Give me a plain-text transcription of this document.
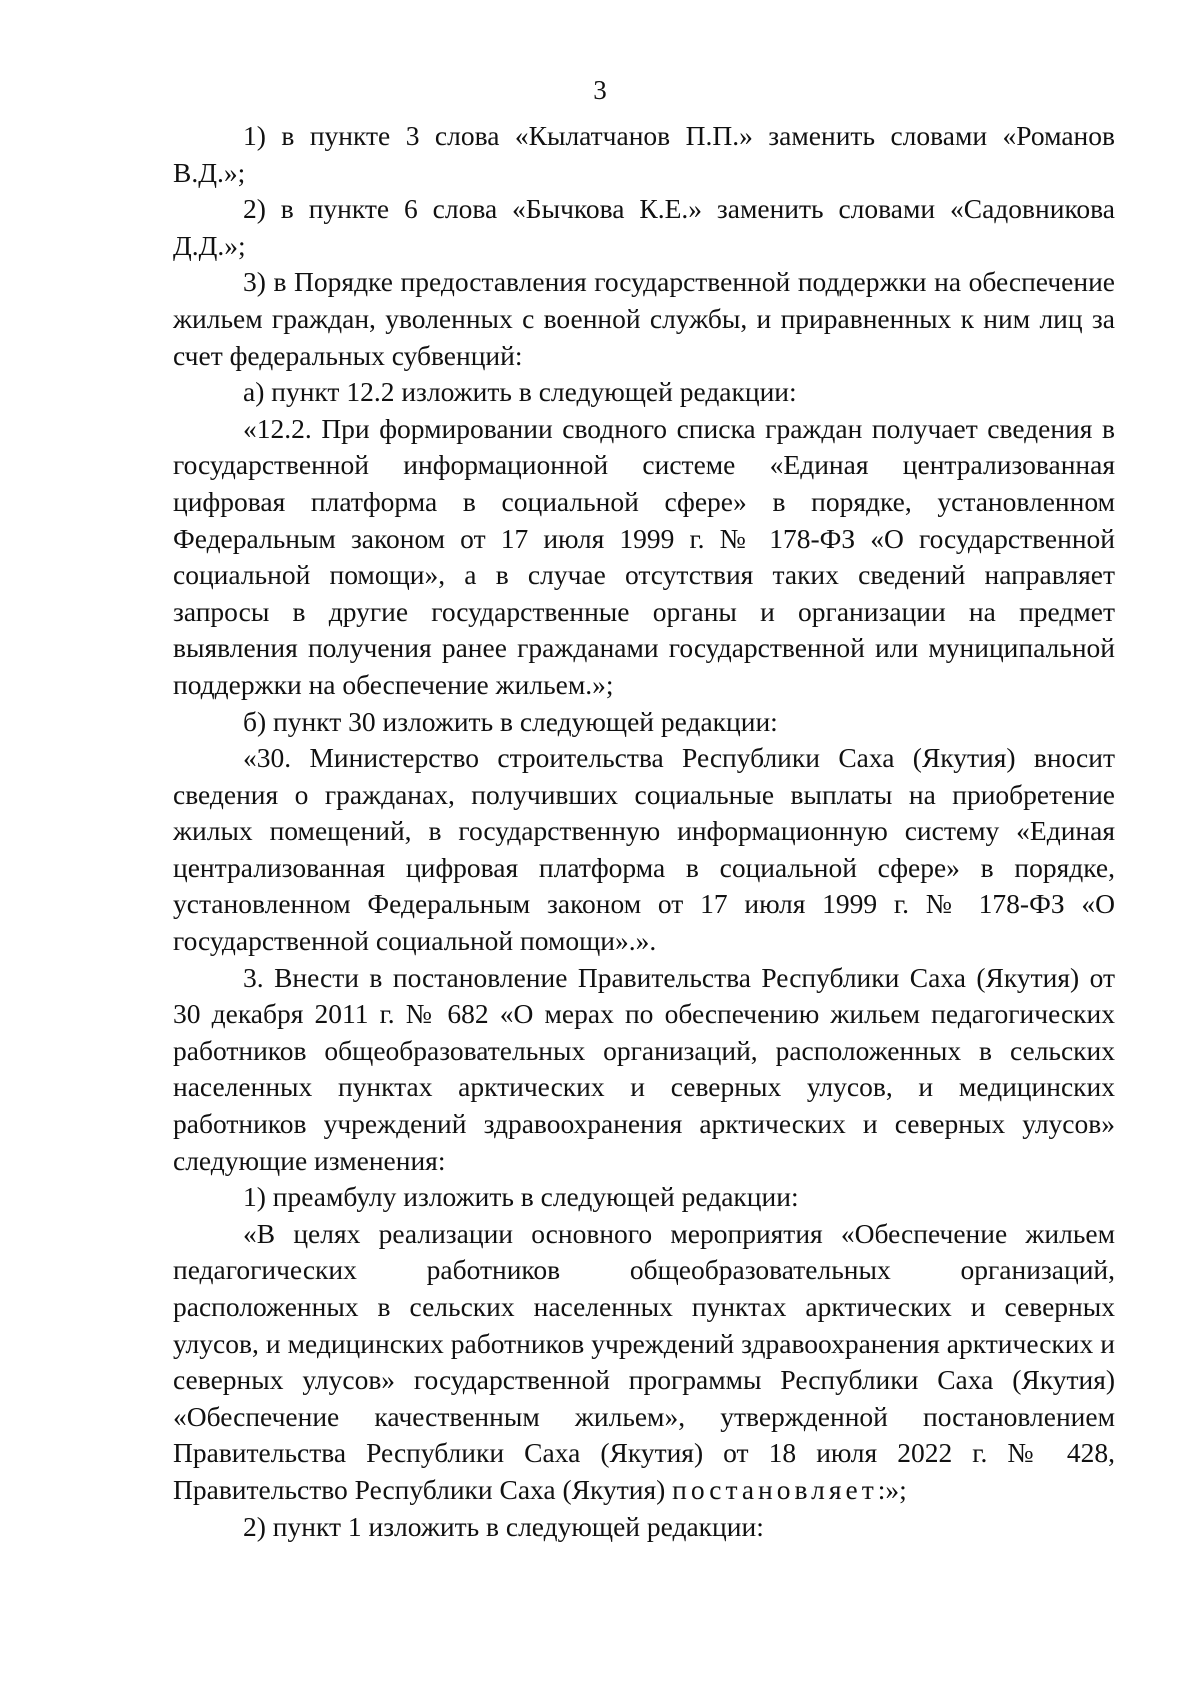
3

1) в пункте 3 слова «Кылатчанов П.П.» заменить словами «Романов В.Д.»;

2) в пункте 6 слова «Бычкова К.Е.» заменить словами «Садовникова Д.Д.»;

3) в Порядке предоставления государственной поддержки на обеспечение жильем граждан, уволенных с военной службы, и приравненных к ним лиц за счет федеральных субвенций:

а) пункт 12.2 изложить в следующей редакции:

«12.2. При формировании сводного списка граждан получает сведения в государственной информационной системе «Единая централизованная цифровая платформа в социальной сфере» в порядке, установленном Федеральным законом от 17 июля 1999 г. № 178-ФЗ «О государственной социальной помощи», а в случае отсутствия таких сведений направляет запросы в другие государственные органы и организации на предмет выявления получения ранее гражданами государственной или муниципальной поддержки на обеспечение жильем.»;

б) пункт 30 изложить в следующей редакции:

«30. Министерство строительства Республики Саха (Якутия) вносит сведения о гражданах, получивших социальные выплаты на приобретение жилых помещений, в государственную информационную систему «Единая централизованная цифровая платформа в социальной сфере» в порядке, установленном Федеральным законом от 17 июля 1999 г. № 178-ФЗ «О государственной социальной помощи».».

3. Внести в постановление Правительства Республики Саха (Якутия) от 30 декабря 2011 г. № 682 «О мерах по обеспечению жильем педагогических работников общеобразовательных организаций, расположенных в сельских населенных пунктах арктических и северных улусов, и медицинских работников учреждений здравоохранения арктических и северных улусов» следующие изменения:

1) преамбулу изложить в следующей редакции:

«В целях реализации основного мероприятия «Обеспечение жильем педагогических работников общеобразовательных организаций, расположенных в сельских населенных пунктах арктических и северных улусов, и медицинских работников учреждений здравоохранения арктических и северных улусов» государственной программы Республики Саха (Якутия) «Обеспечение качественным жильем», утвержденной постановлением Правительства Республики Саха (Якутия) от 18 июля 2022 г. № 428, Правительство Республики Саха (Якутия) постановляет:»;

2) пункт 1 изложить в следующей редакции:
